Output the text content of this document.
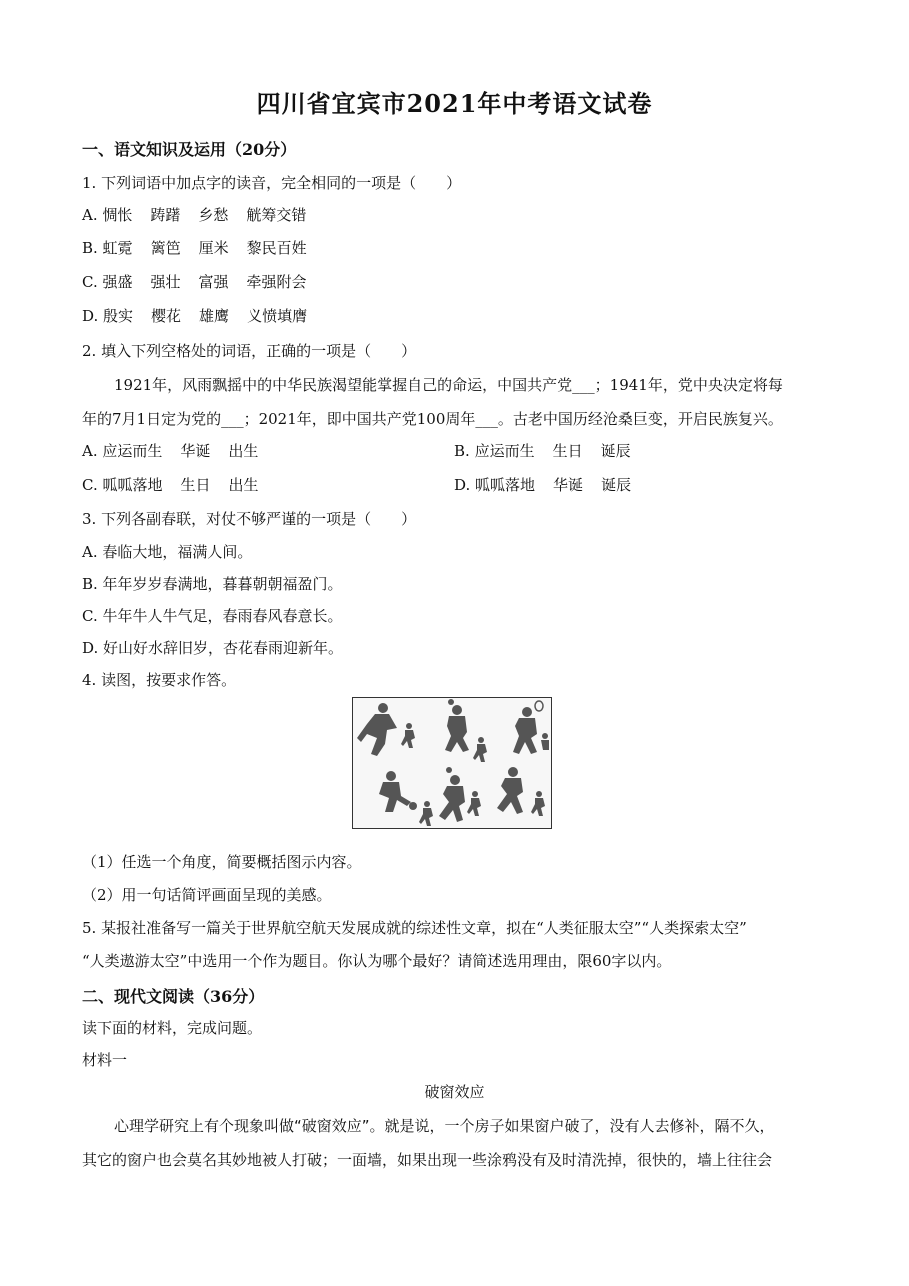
四川省宜宾市2021年中考语文试卷
一、语文知识及运用（20分）
1. 下列词语中加点字的读音，完全相同的一项是（　　）
A. 惆怅 踌躇 乡愁 觥筹交错
B. 虹霓 篱笆 厘米 黎民百姓
C. 强盛 强壮 富强 牵强附会
D. 殷实 樱花 雄鹰 义愤填膺
2. 填入下列空格处的词语，正确的一项是（　　）
1921年，风雨飘摇中的中华民族渴望能掌握自己的命运，中国共产党___；1941年，党中央决定将每
年的7月1日定为党的___；2021年，即中国共产党100周年___。古老中国历经沧桑巨变，开启民族复兴。
A. 应运而生 华诞 出生	B. 应运而生 生日 诞辰
C. 呱呱落地 生日 出生	D. 呱呱落地 华诞 诞辰
3. 下列各副春联，对仗不够严谨的一项是（　　）
A. 春临大地，福满人间。
B. 年年岁岁春满地，暮暮朝朝福盈门。
C. 牛年牛人牛气足，春雨春风春意长。
D. 好山好水辞旧岁，杏花春雨迎新年。
4. 读图，按要求作答。
（1）任选一个角度，简要概括图示内容。
（2）用一句话简评画面呈现的美感。
5. 某报社准备写一篇关于世界航空航天发展成就的综述性文章，拟在“人类征服太空”“人类探索太空”
“人类遨游太空”中选用一个作为题目。你认为哪个最好？请简述选用理由，限60字以内。
二、现代文阅读（36分）
读下面的材料，完成问题。
材料一
破窗效应
心理学研究上有个现象叫做“破窗效应”。就是说，一个房子如果窗户破了，没有人去修补，隔不久，
其它的窗户也会莫名其妙地被人打破；一面墙，如果出现一些涂鸦没有及时清洗掉，很快的，墙上往往会
